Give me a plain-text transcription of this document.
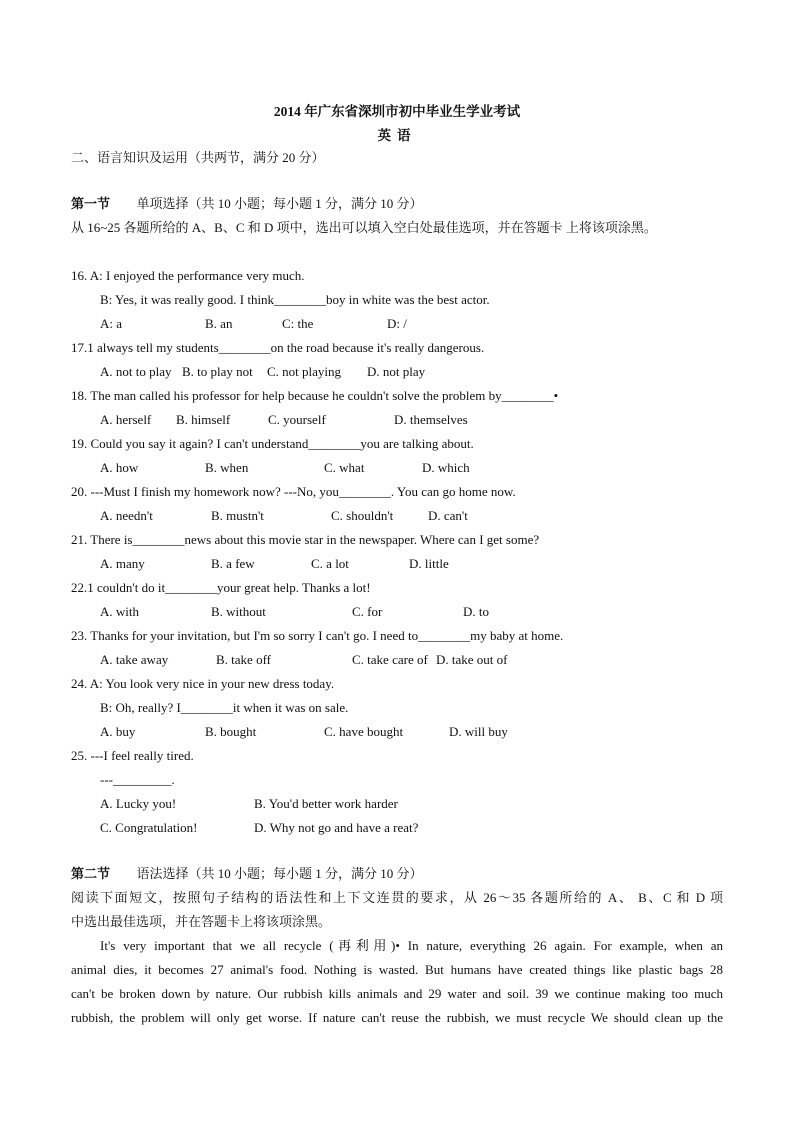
2014 年广东省深圳市初中毕业生学业考试
英语
二、语言知识及运用（共两节，满分 20 分）
第一节 单项选择（共 10 小题；每小题 1 分，满分 10 分）
从 16~25 各题所给的 A、B、C 和 D 项中，选出可以填入空白处最佳选项，并在答题卡 上将该项涂黑。
16. A: I enjoyed the performance very much.
B: Yes, it was really good. I think________boy in white was the best actor.
A: a	B. an	C: the	D: /
17.1 always tell my students________on the road because it's really dangerous.
A. not to play B. to play not C. not playing D. not play
18. The man called his professor for help because he couldn't solve the problem by________•
A. herself B. himself	C. yourself	D. themselves
19. Could you say it again? I can't understand________you are talking about.
A. how	B. when	C. what	D. which
20. ---Must I finish my homework now? ---No, you________. You can go home now.
A. needn't	B. mustn't	C. shouldn't	D. can't
21. There is________news about this movie star in the newspaper. Where can I get some?
A. many	B. a few	C. a lot	D. little
22.1 couldn't do it________your great help. Thanks a lot!
A. with	B. without	C. for	D. to
23. Thanks for your invitation, but I'm so sorry I can't go. I need to________my baby at home.
A. take away	B. take off	C. take care of D. take out of
24. A: You look very nice in your new dress today.
B: Oh, really? I________it when it was on sale.
A. buy	B. bought	C. have bought	D. will buy
25. ---I feel really tired.
---_________.
A. Lucky you!	B. You'd better work harder
C. Congratulation!	D. Why not go and have a reat?
第二节 语法选择（共 10 小题；每小题 1 分，满分 10 分）
阅读下面短文，按照句子结构的语法性和上下文连贯的要求，从 26～35 各题所给的 A、 B、C 和 D 项
中选出最佳选项，并在答题卡上将该项涂黑。

It's very important that we all recycle (再利用)• In nature, everything 26 again. For example, when an

animal dies, it becomes 27 animal's food. Nothing is wasted. But humans have created things like plastic bags 28

can't be broken down by nature. Our rubbish kills animals and 29 water and soil. 39 we continue making too much

rubbish, the problem will only get worse. If nature can't reuse the rubbish, we must recycle We should clean up the
